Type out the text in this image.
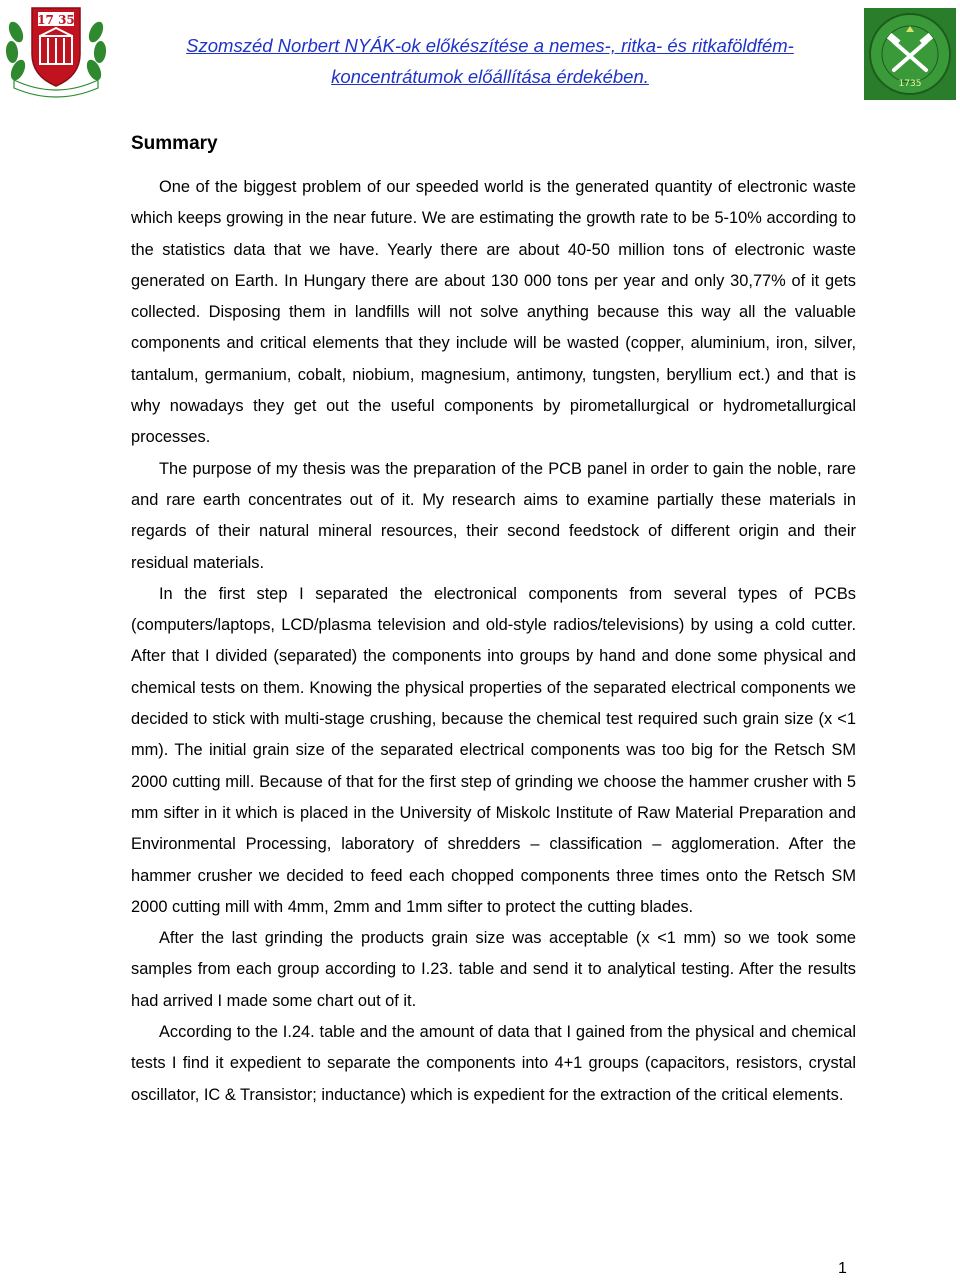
17 35
Szomszéd Norbert NYÁK-ok előkészítése a nemes-, ritka- és ritkaföldfém-
koncentrátumok előállítása érdekében.	1735
Summary

One of the biggest problem of our speeded world is the generated quantity of electronic waste which keeps growing in the near future. We are estimating the growth rate to be 5-10% according to the statistics data that we have. Yearly there are about 40-50 million tons of electronic waste generated on Earth. In Hungary there are about 130 000 tons per year and only 30,77% of it gets collected. Disposing them in landfills will not solve anything because this way all the valuable components and critical elements that they include will be wasted (copper, aluminium, iron, silver, tantalum, germanium, cobalt, niobium, magnesium, antimony, tungsten, beryllium ect.) and that is why nowadays they get out the useful components by pirometallurgical or hydrometallurgical processes.

The purpose of my thesis was the preparation of the PCB panel in order to gain the noble, rare and rare earth concentrates out of it. My research aims to examine partially these materials in regards of their natural mineral resources, their second feedstock of different origin and their residual materials.

In the first step I separated the electronical components from several types of PCBs (computers/laptops, LCD/plasma television and old-style radios/televisions) by using a cold cutter. After that I divided (separated) the components into groups by hand and done some physical and chemical tests on them. Knowing the physical properties of the separated electrical components we decided to stick with multi-stage crushing, because the chemical test required such grain size (x <1 mm). The initial grain size of the separated electrical components was too big for the Retsch SM 2000 cutting mill. Because of that for the first step of grinding we choose the hammer crusher with 5 mm sifter in it which is placed in the University of Miskolc Institute of Raw Material Preparation and Environmental Processing, laboratory of shredders – classification – agglomeration. After the hammer crusher we decided to feed each chopped components three times onto the Retsch SM 2000 cutting mill with 4mm, 2mm and 1mm sifter to protect the cutting blades.

After the last grinding the products grain size was acceptable (x <1 mm) so we took some samples from each group according to I.23. table and send it to analytical testing. After the results had arrived I made some chart out of it.

According to the I.24. table and the amount of data that I gained from the physical and chemical tests I find it expedient to separate the components into 4+1 groups (capacitors, resistors, crystal oscillator, IC & Transistor; inductance) which is expedient for the extraction of the critical elements.

1
